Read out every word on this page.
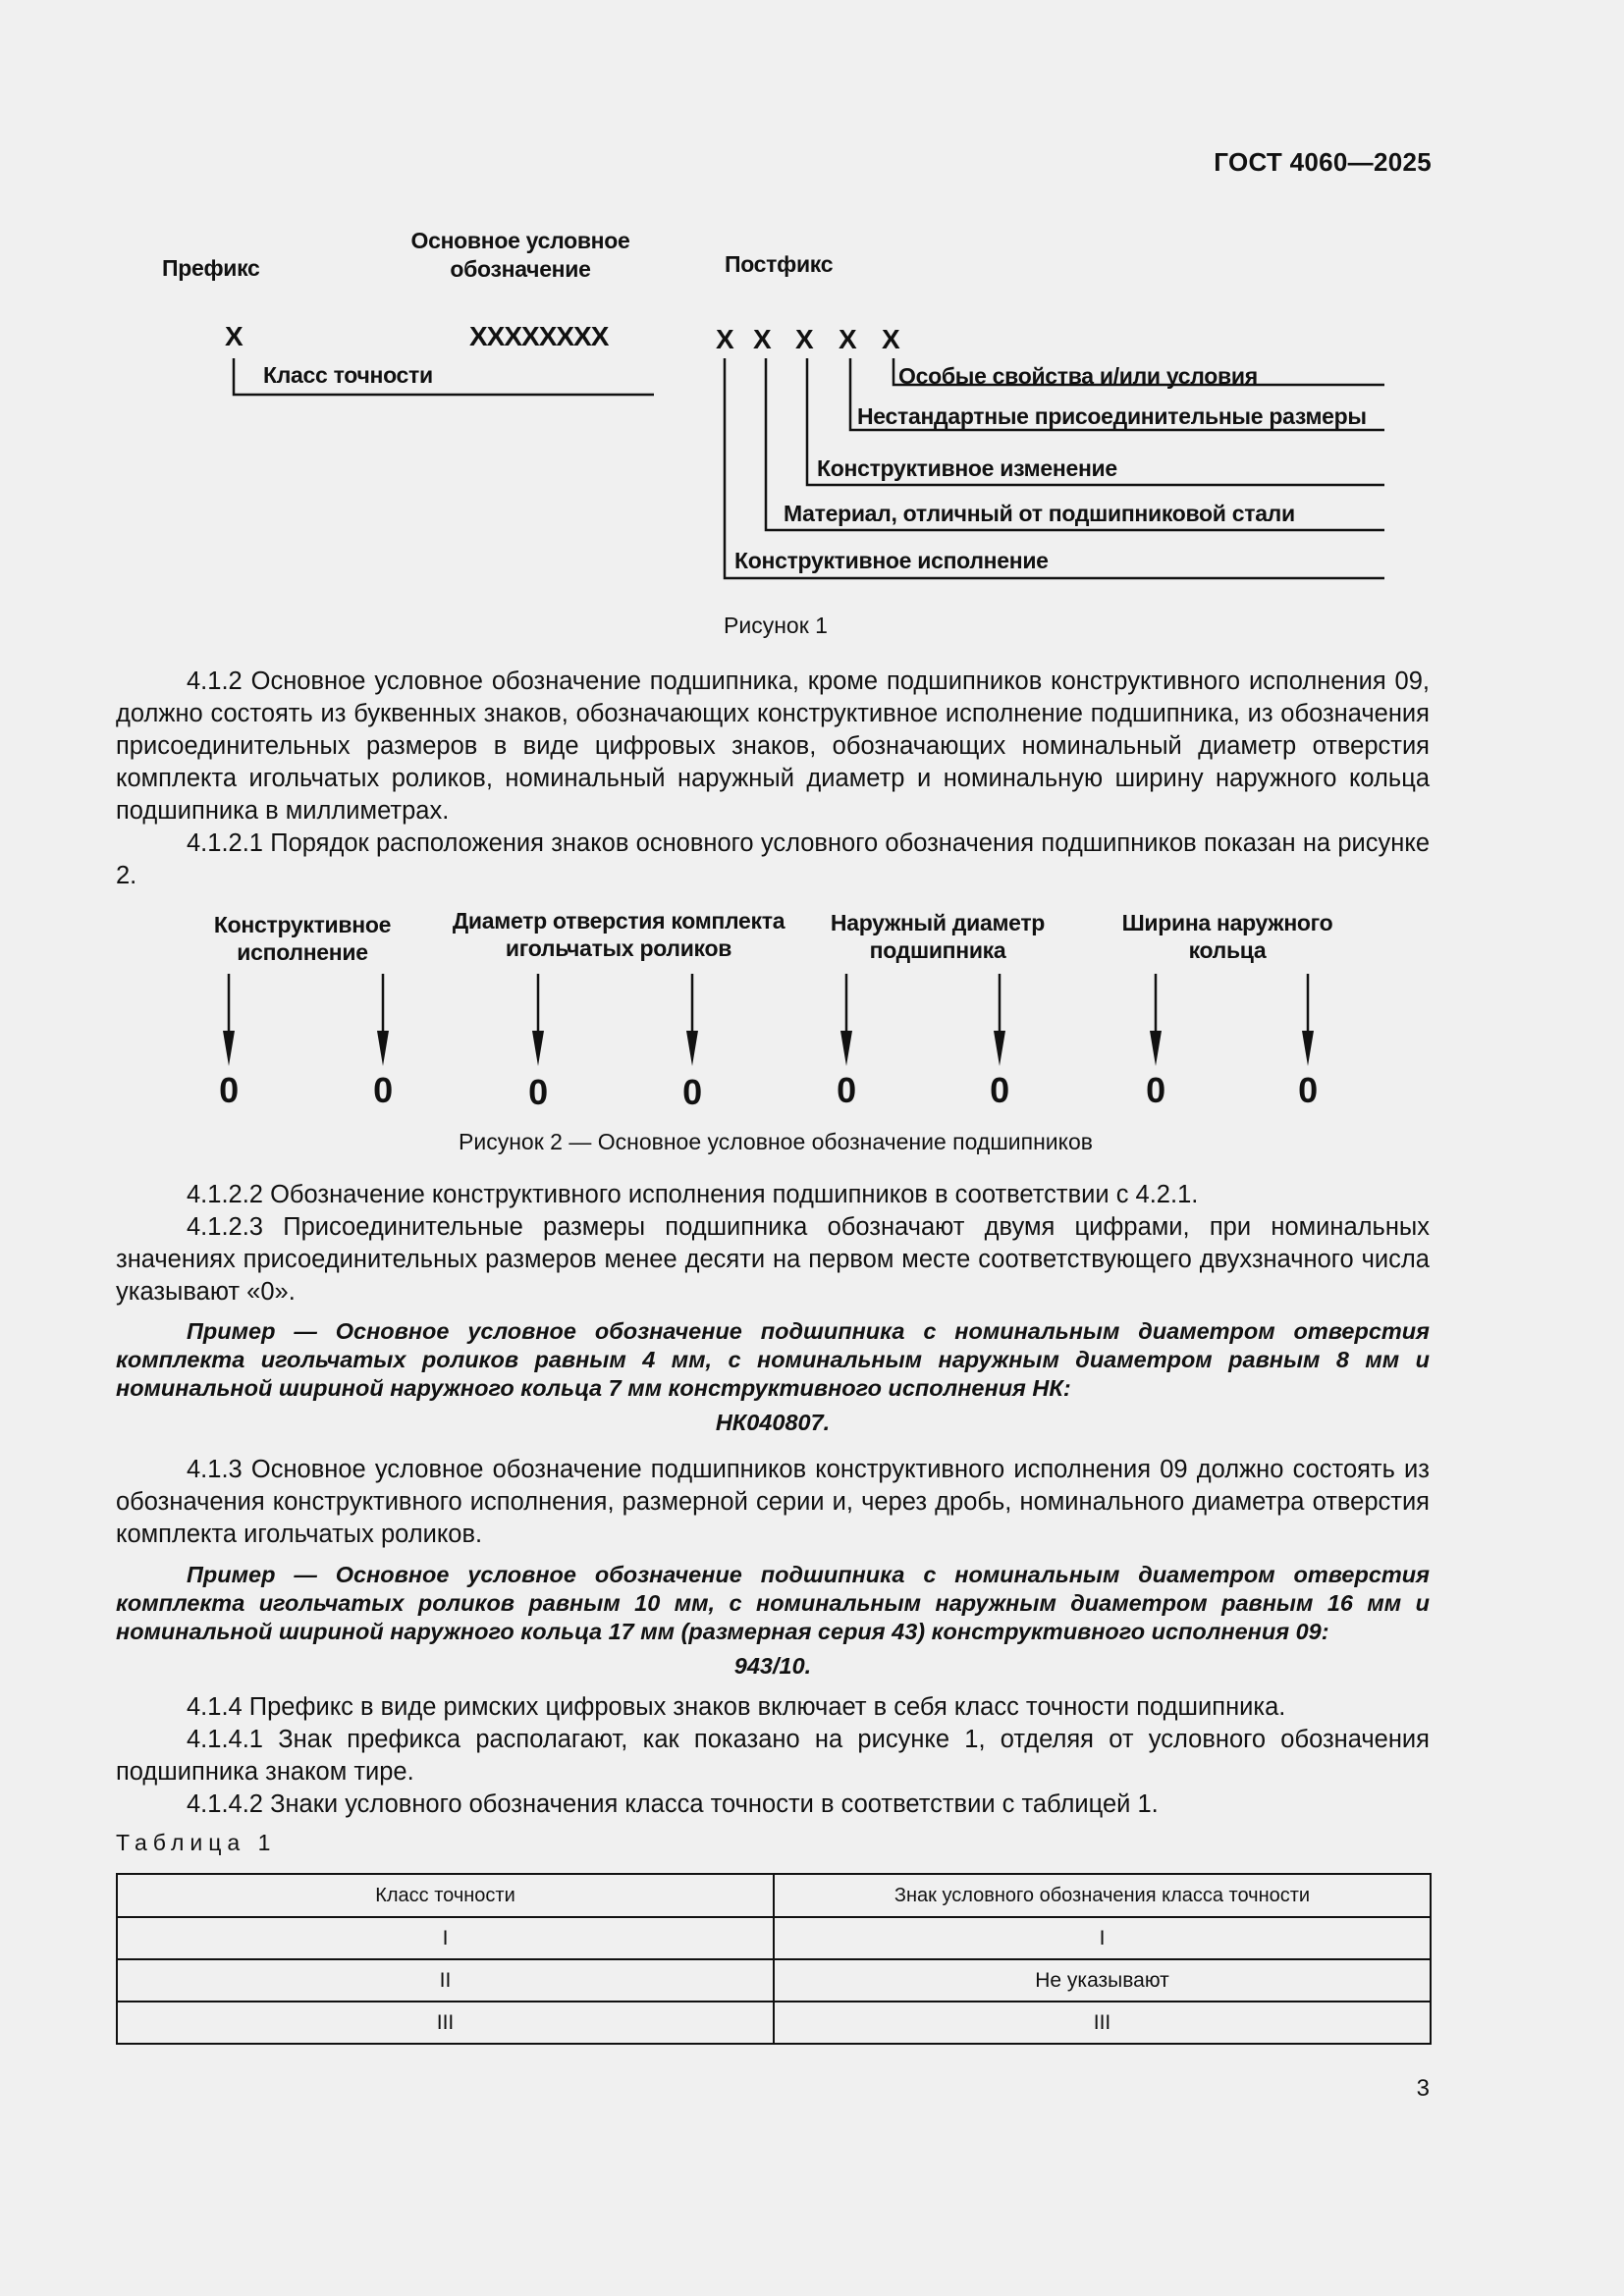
ГОСТ 4060—2025
Префикс
Основное условное
обозначение	Постфикс
X	XXXXXXXX	X X X X X
Класс точности	Особые свойства и/или условия
Нестандартные присоединительные размеры
Конструктивное изменение
Материал, отличный от подшипниковой стали
Конструктивное исполнение
Рисунок 1

4.1.2 Основное условное обозначение подшипника, кроме подшипников конструктивного исполнения 09, должно состоять из буквенных знаков, обозначающих конструктивное исполнение подшипника, из обозначения присоединительных размеров в виде цифровых знаков, обозначающих номинальный диаметр отверстия комплекта игольчатых роликов, номинальный наружный диаметр и номинальную ширину наружного кольца подшипника в миллиметрах.

4.1.2.1 Порядок расположения знаков основного условного обозначения подшипников показан на рисунке 2.

Конструктивное
исполнение
Диаметр отверстия комплекта
игольчатых роликов
Наружный диаметр
подшипника
Ширина наружного
кольца
0	0	0	0	0	0	0	0
Рисунок 2 — Основное условное обозначение подшипников

4.1.2.2 Обозначение конструктивного исполнения подшипников в соответствии с 4.2.1.

4.1.2.3 Присоединительные размеры подшипника обозначают двумя цифрами, при номинальных значениях присоединительных размеров менее десяти на первом месте соответствующего двухзначного числа указывают «0».

Пример — Основное условное обозначение подшипника с номинальным диаметром отверстия комплекта игольчатых роликов равным 4 мм, с номинальным наружным диаметром равным 8 мм и номинальной шириной наружного кольца 7 мм конструктивного исполнения НК:

НК040807.

4.1.3 Основное условное обозначение подшипников конструктивного исполнения 09 должно состоять из обозначения конструктивного исполнения, размерной серии и, через дробь, номинального диаметра отверстия комплекта игольчатых роликов.

Пример — Основное условное обозначение подшипника с номинальным диаметром отверстия комплекта игольчатых роликов равным 10 мм, с номинальным наружным диаметром равным 16 мм и номинальной шириной наружного кольца 17 мм (размерная серия 43) конструктивного исполнения 09:

943/10.

4.1.4 Префикс в виде римских цифровых знаков включает в себя класс точности подшипника.

4.1.4.1 Знак префикса располагают, как показано на рисунке 1, отделяя от условного обозначения подшипника знаком тире.

4.1.4.2 Знаки условного обозначения класса точности в соответствии с таблицей 1.

Таблица 1
Класс точности	Знак условного обозначения класса точности
I	I
II	Не указывают
III	III
3
